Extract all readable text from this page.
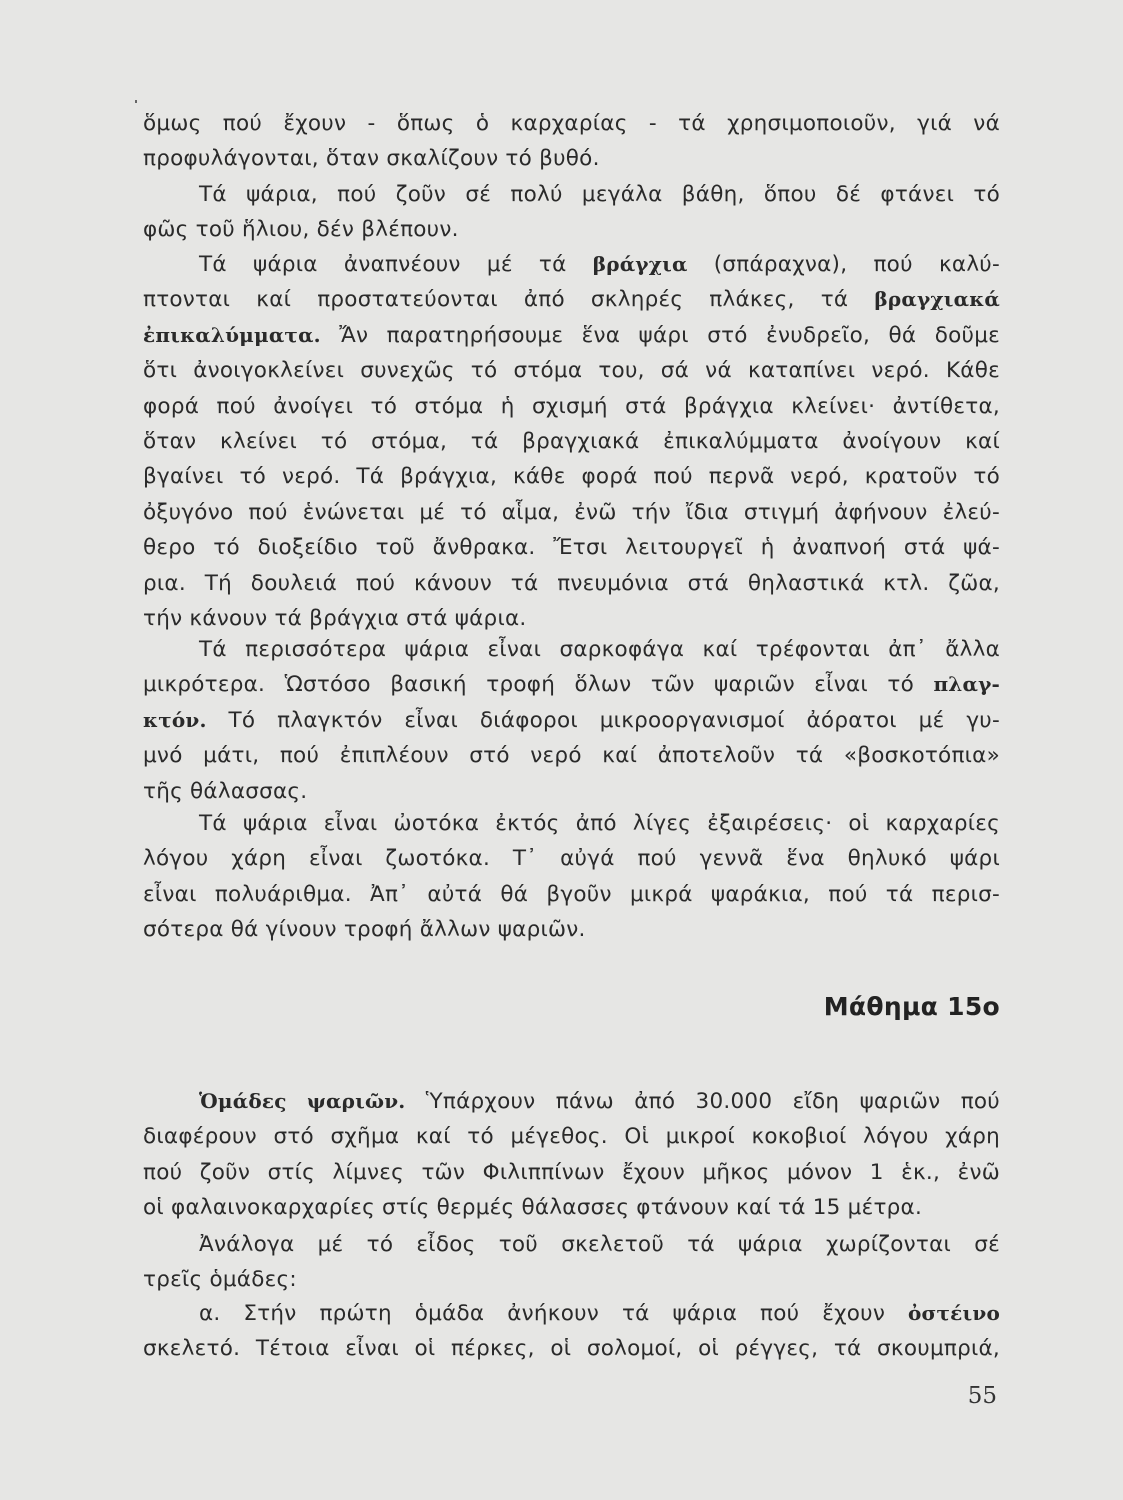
ὅμως πού ἔχουν - ὅπως ὁ καρχαρίας - τά χρησιμοποιοῦν, γιά νά

προφυλάγονται, ὅταν σκαλίζουν τό βυθό.

Τά ψάρια, πού ζοῦν σέ πολύ μεγάλα βάθη, ὅπου δέ φτάνει τό

φῶς τοῦ ἥλιου, δέν βλέπουν.

Τά ψάρια ἀναπνέουν μέ τά βράγχια (σπάραχνα), πού καλύ-

πτονται καί προστατεύονται ἀπό σκληρές πλάκες, τά βραγχιακά

ἐπικαλύμματα. Ἄν παρατηρήσουμε ἕνα ψάρι στό ἐνυδρεῖο, θά δοῦμε

ὅτι ἀνοιγοκλείνει συνεχῶς τό στόμα του, σά νά καταπίνει νερό. Κάθε

φορά πού ἀνοίγει τό στόμα ἡ σχισμή στά βράγχια κλείνει· ἀντίθετα,

ὅταν κλείνει τό στόμα, τά βραγχιακά ἐπικαλύμματα ἀνοίγουν καί

βγαίνει τό νερό. Τά βράγχια, κάθε φορά πού περνᾶ νερό, κρατοῦν τό

ὀξυγόνο πού ἑνώνεται μέ τό αἷμα, ἐνῶ τήν ἴδια στιγμή ἀφήνουν ἐλεύ-

θερο τό διοξείδιο τοῦ ἄνθρακα. Ἔτσι λειτουργεῖ ἡ ἀναπνοή στά ψά-

ρια. Τή δουλειά πού κάνουν τά πνευμόνια στά θηλαστικά κτλ. ζῶα,

τήν κάνουν τά βράγχια στά ψάρια.

Τά περισσότερα ψάρια εἶναι σαρκοφάγα καί τρέφονται ἀπ᾽ ἄλλα

μικρότερα. Ὡστόσο βασική τροφή ὅλων τῶν ψαριῶν εἶναι τό πλαγ-

κτόν. Τό πλαγκτόν εἶναι διάφοροι μικροοργανισμοί ἀόρατοι μέ γυ-

μνό μάτι, πού ἐπιπλέουν στό νερό καί ἀποτελοῦν τά «βοσκοτόπια»

τῆς θάλασσας.

Τά ψάρια εἶναι ὠοτόκα ἐκτός ἀπό λίγες ἐξαιρέσεις· οἱ καρχαρίες

λόγου χάρη εἶναι ζωοτόκα. Τ᾽ αὐγά πού γεννᾶ ἕνα θηλυκό ψάρι

εἶναι πολυάριθμα. Ἀπ᾽ αὐτά θά βγοῦν μικρά ψαράκια, πού τά περισ-

σότερα θά γίνουν τροφή ἄλλων ψαριῶν.

Μάθημα 15ο

Ὁμάδες ψαριῶν. Ὑπάρχουν πάνω ἀπό 30.000 εἴδη ψαριῶν πού

διαφέρουν στό σχῆμα καί τό μέγεθος. Οἱ μικροί κοκοβιοί λόγου χάρη

πού ζοῦν στίς λίμνες τῶν Φιλιππίνων ἔχουν μῆκος μόνον 1 ἑκ., ἐνῶ

οἱ φαλαινοκαρχαρίες στίς θερμές θάλασσες φτάνουν καί τά 15 μέτρα.

Ἀνάλογα μέ τό εἶδος τοῦ σκελετοῦ τά ψάρια χωρίζονται σέ

τρεῖς ὁμάδες:

α. Στήν πρώτη ὁμάδα ἀνήκουν τά ψάρια πού ἔχουν ὀστέινο

σκελετό. Τέτοια εἶναι οἱ πέρκες, οἱ σολομοί, οἱ ρέγγες, τά σκουμπριά,

55
